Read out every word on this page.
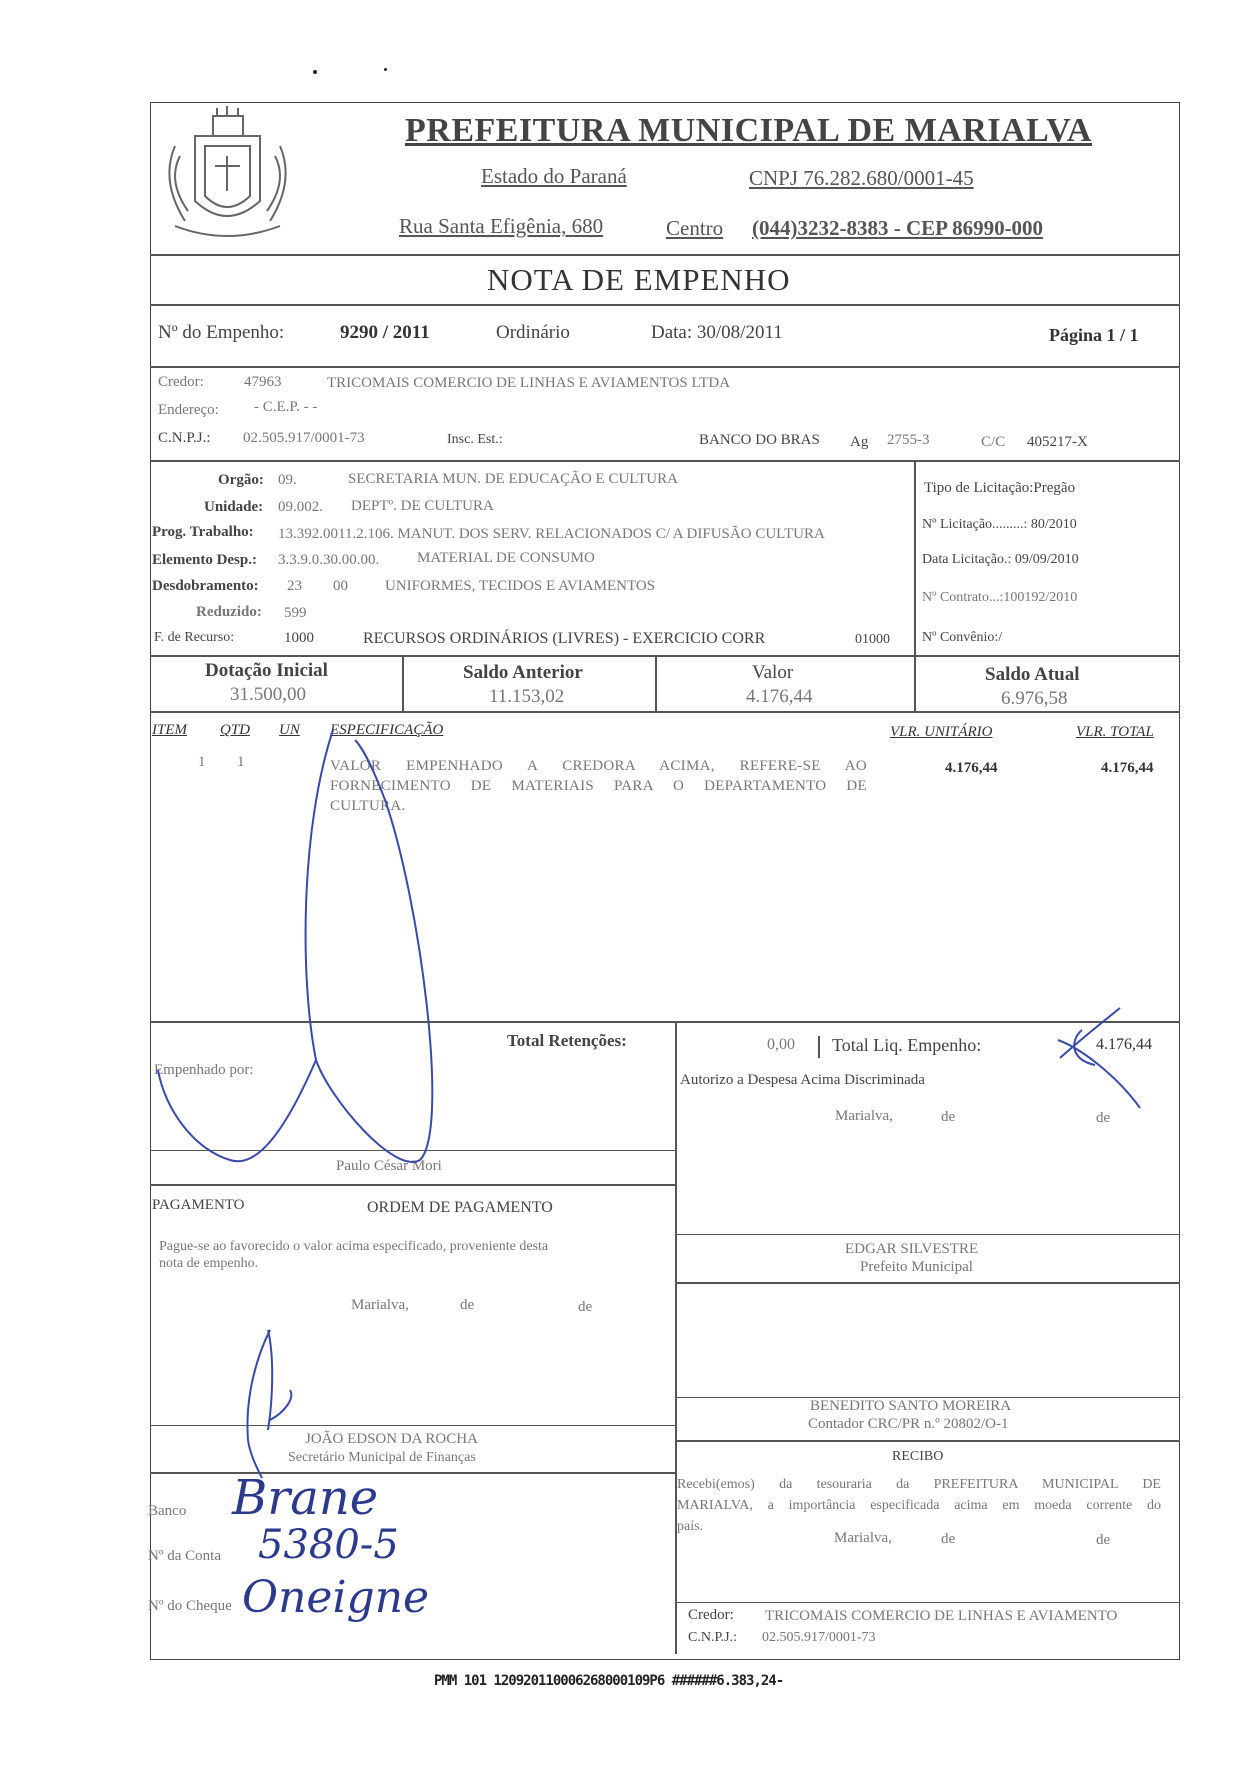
PREFEITURA MUNICIPAL DE MARIALVA
Estado do Paraná	CNPJ 76.282.680/0001-45
Rua Santa Efigênia, 680	Centro (044)3232-8383 - CEP 86990-000
NOTA DE EMPENHO
Nº do Empenho:	9290 / 2011	Ordinário	Data: 30/08/2011	Página 1 / 1
Credor:	47963	TRICOMAIS COMERCIO DE LINHAS E AVIAMENTOS LTDA
Endereço: - C.E.P. - -
C.N.P.J.: 02.505.917/0001-73	Insc. Est.:	BANCO DO BRAS Ag 2755-3	C/C 405217-X
Orgão: 09.	SECRETARIA MUN. DE EDUCAÇÃO E CULTURA
Unidade: 09.002. DEPTº. DE CULTURA
Prog. Trabalho: 13.392.0011.2.106. MANUT. DOS SERV. RELACIONADOS C/ A DIFUSÃO CULTURA
Elemento Desp.: 3.3.9.0.30.00.00.	MATERIAL DE CONSUMO
Desdobramento: 23 00 UNIFORMES, TECIDOS E AVIAMENTOS
Reduzido: 599
F. de Recurso:	1000	RECURSOS ORDINÁRIOS (LIVRES) - EXERCICIO CORR	01000
Tipo de Licitação:Pregão
Nº Licitação.........: 80/2010
Data Licitação.: 09/09/2010
Nº Contrato...:100192/2010
Nº Convênio:/
Dotação Inicial
31.500,00
Saldo Anterior
11.153,02
Valor
4.176,44
Saldo Atual
6.976,58
ITEM QTD UN ESPECIFICAÇÃO	VLR. UNITÁRIO	VLR. TOTAL
1 1	VALOR EMPENHADO A CREDORA ACIMA, REFERE-SE AO
FORNECIMENTO DE MATERIAIS PARA O DEPARTAMENTO DE
CULTURA.
4.176,44	4.176,44
Total Retenções:	0,00 Total Liq. Empenho:	4.176,44
Empenhado por:
Paulo César Mori
PAGAMENTO	ORDEM DE PAGAMENTO
Pague-se ao favorecido o valor acima especificado, proveniente desta
nota de empenho.
Marialva,	de	de
JOÃO EDSON DA ROCHA
Secretário Municipal de Finanças
Banco
Nº da Conta
Nº do Cheque
Brane
5380-5
Oneigne
Autorizo a Despesa Acima Discriminada
Marialva,	de	de
EDGAR SILVESTRE
Prefeito Municipal
BENEDITO SANTO MOREIRA
Contador CRC/PR n.º 20802/O-1
RECIBO
Recebi(emos) da tesouraria da PREFEITURA MUNICIPAL DE
MARIALVA, a importância especificada acima em moeda corrente do
país.
Marialva,	de	de
Credor: TRICOMAIS COMERCIO DE LINHAS E AVIAMENTO
C.N.P.J.: 02.505.917/0001-73
PMM 101 120920110006268000109P6 ######6.383,24-
